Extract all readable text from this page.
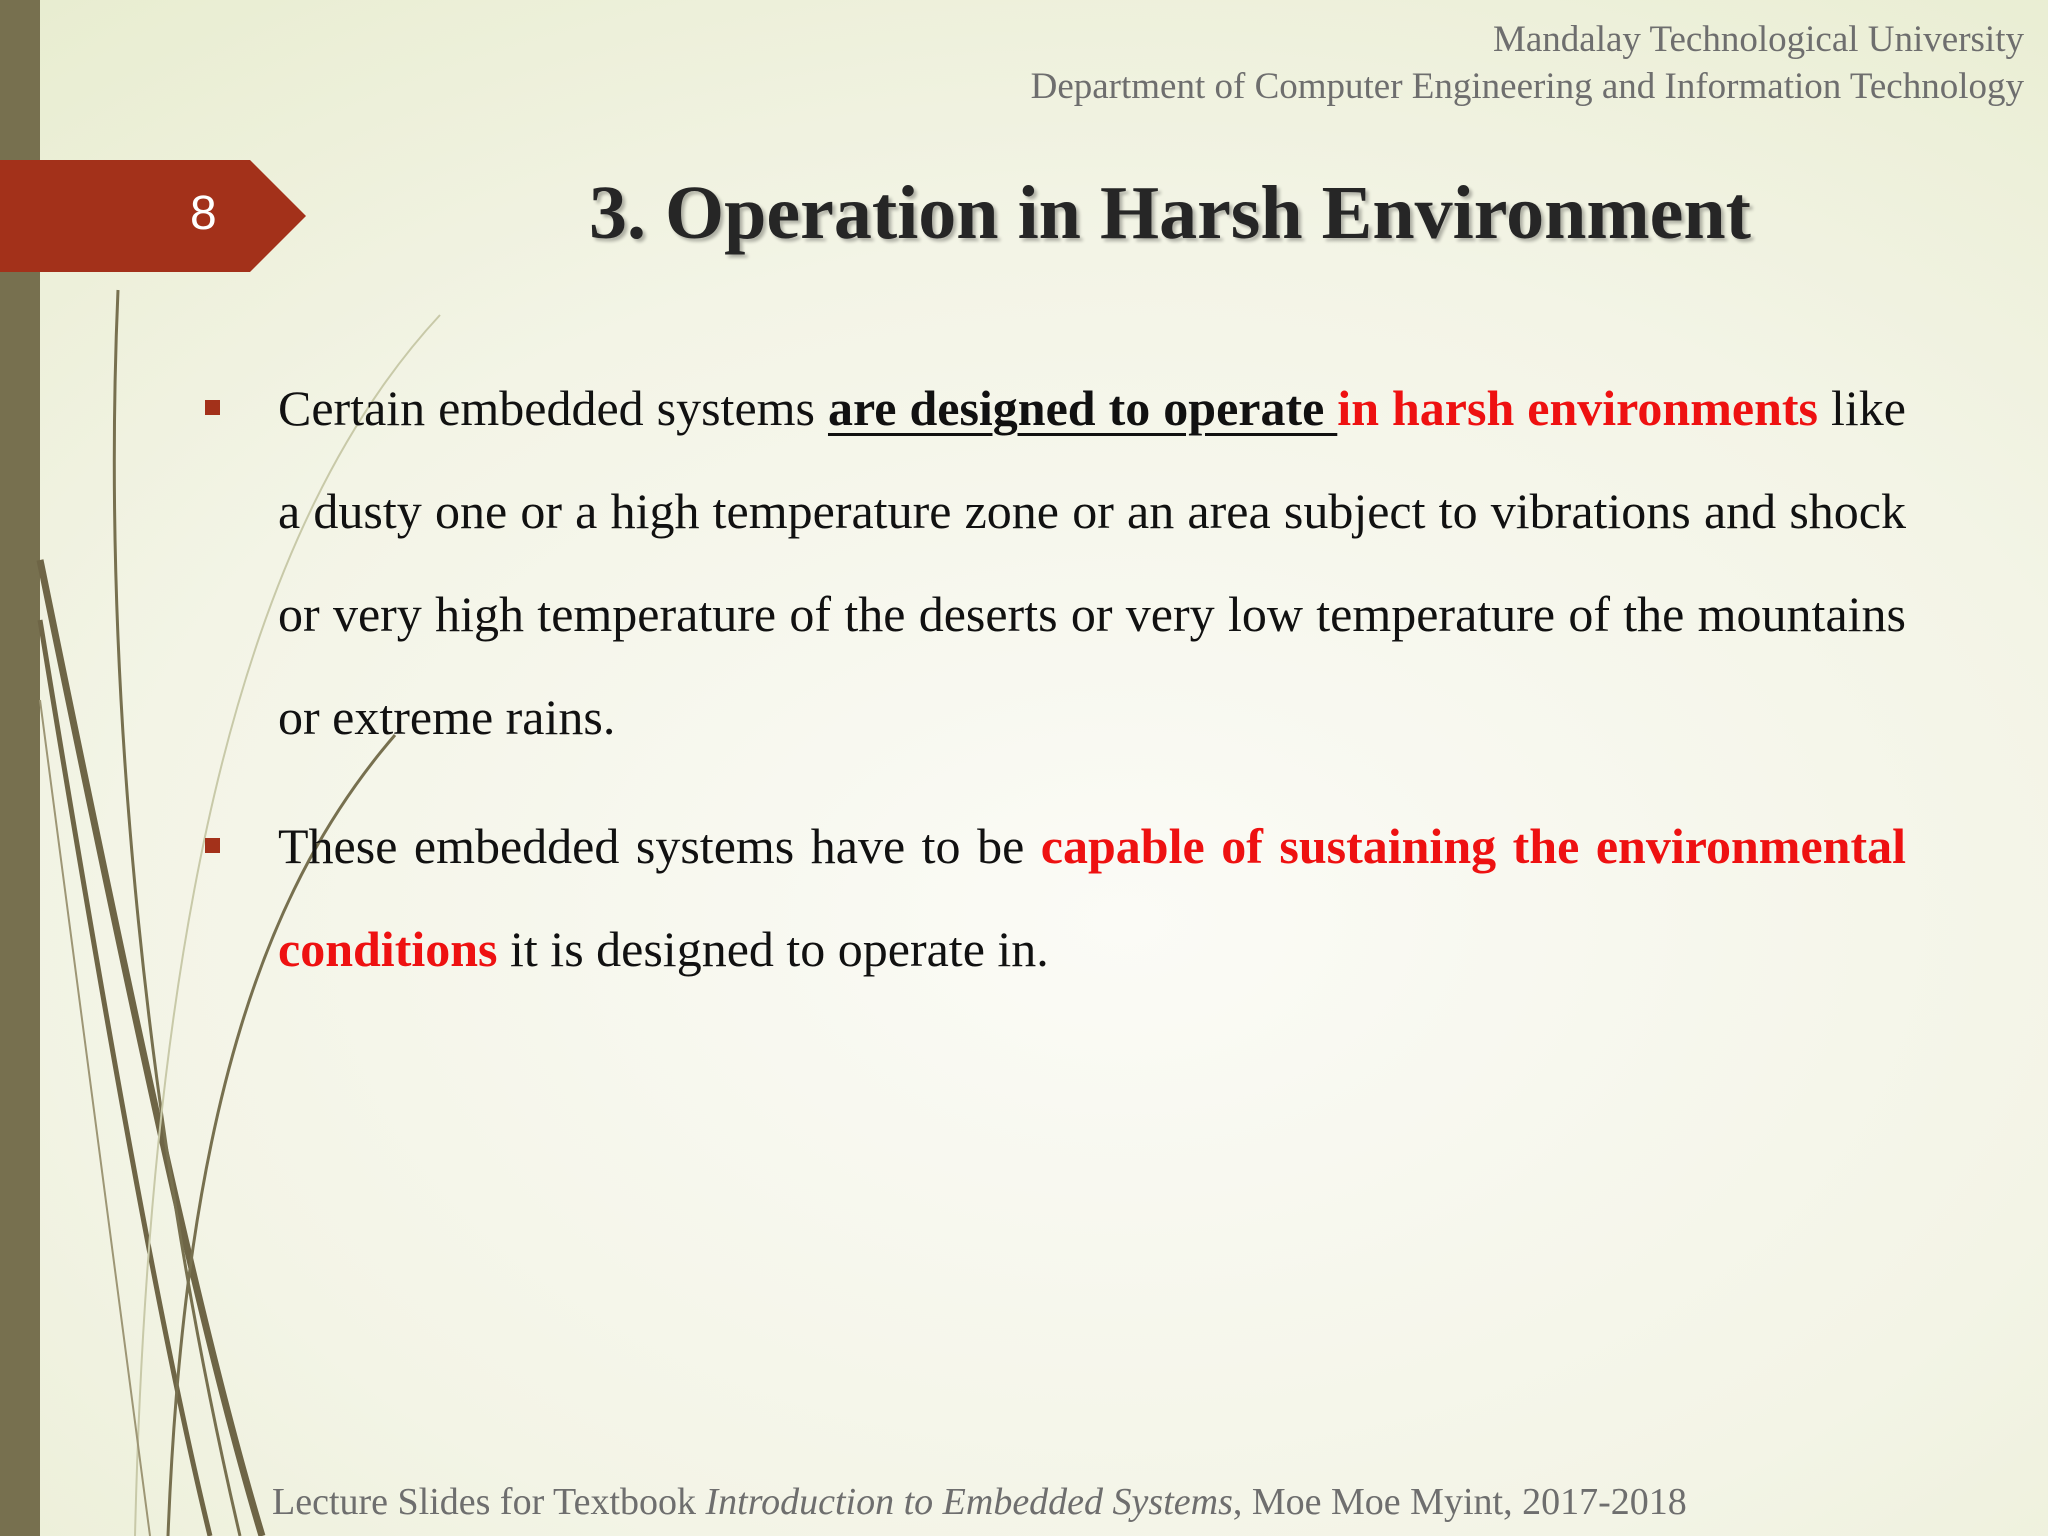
Mandalay Technological University
Department of Computer Engineering and Information Technology
8	3. Operation in Harsh Environment
Certain embedded systems are designed to operate in harsh environments like a dusty one or a high temperature zone or an area subject to vibrations and shock or very high temperature of the deserts or very low temperature of the mountains or extreme rains.
These embedded systems have to be capable of sustaining the environmental conditions it is designed to operate in.
Lecture Slides for Textbook Introduction to Embedded Systems, Moe Moe Myint, 2017-2018
